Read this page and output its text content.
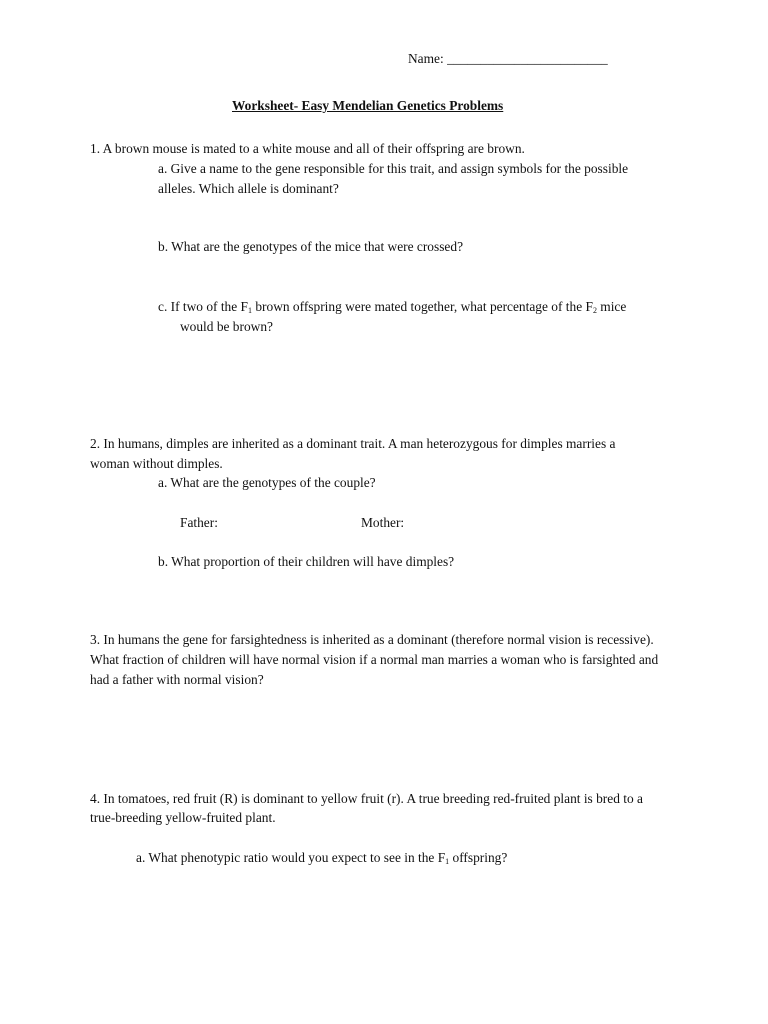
Name: ________________________
Worksheet- Easy Mendelian Genetics Problems
1. A brown mouse is mated to a white mouse and all of their offspring are brown.
a. Give a name to the gene responsible for this trait, and assign symbols for the possible
alleles. Which allele is dominant?
b. What are the genotypes of the mice that were crossed?
c. If two of the $F_1$ brown offspring were mated together, what percentage of the $F_2$ mice
would be brown?
2. In humans, dimples are inherited as a dominant trait. A man heterozygous for dimples marries a
woman without dimples.
a. What are the genotypes of the couple?
Father:	Mother:
b. What proportion of their children will have dimples?
3. In humans the gene for farsightedness is inherited as a dominant (therefore normal vision is recessive).
What fraction of children will have normal vision if a normal man marries a woman who is farsighted and
had a father with normal vision?
4. In tomatoes, red fruit (R) is dominant to yellow fruit (r). A true breeding red-fruited plant is bred to a
true-breeding yellow-fruited plant.
a. What phenotypic ratio would you expect to see in the $F_1$ offspring?
